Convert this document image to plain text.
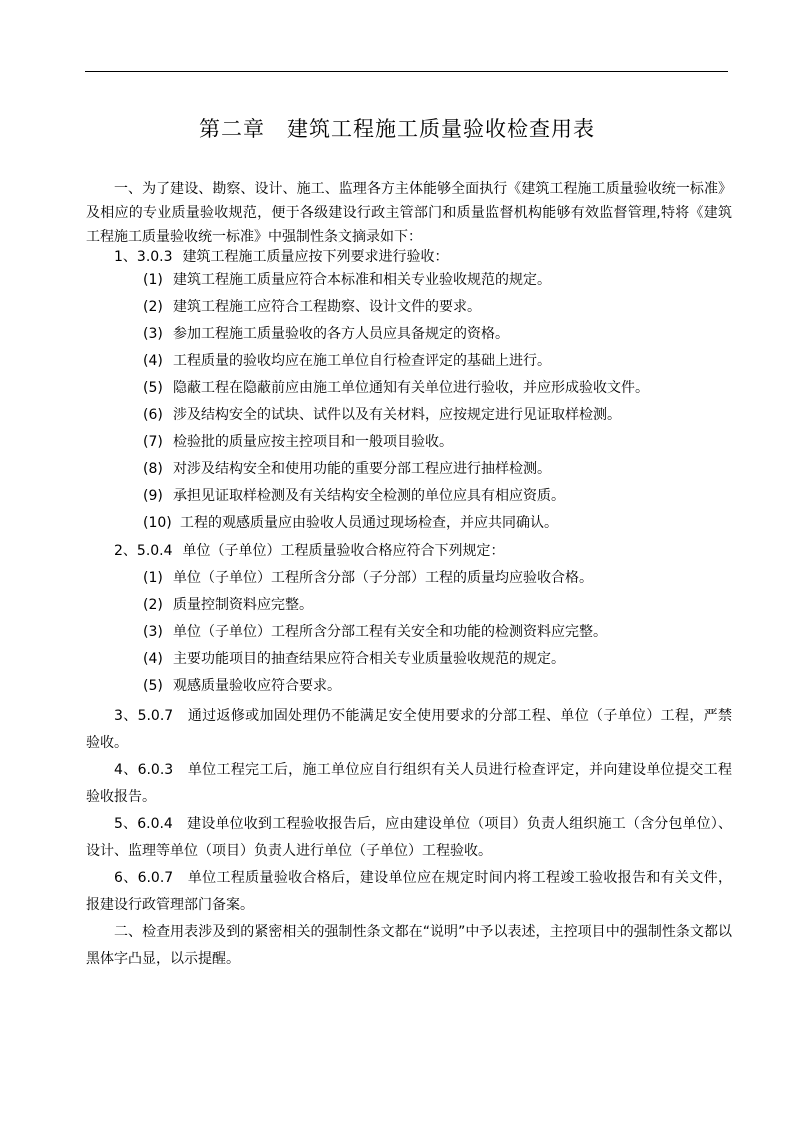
第二章　建筑工程施工质量验收检查用表
一、为了建设、勘察、设计、施工、监理各方主体能够全面执行《建筑工程施工质量验收统一标准》及相应的专业质量验收规范，便于各级建设行政主管部门和质量监督机构能够有效监督管理,特将《建筑工程施工质量验收统一标准》中强制性条文摘录如下：
1、3.0.3 建筑工程施工质量应按下列要求进行验收：
(1) 建筑工程施工质量应符合本标准和相关专业验收规范的规定。
(2) 建筑工程施工应符合工程勘察、设计文件的要求。
(3) 参加工程施工质量验收的各方人员应具备规定的资格。
(4) 工程质量的验收均应在施工单位自行检查评定的基础上进行。
(5) 隐蔽工程在隐蔽前应由施工单位通知有关单位进行验收，并应形成验收文件。
(6) 涉及结构安全的试块、试件以及有关材料，应按规定进行见证取样检测。
(7) 检验批的质量应按主控项目和一般项目验收。
(8) 对涉及结构安全和使用功能的重要分部工程应进行抽样检测。
(9) 承担见证取样检测及有关结构安全检测的单位应具有相应资质。
(10) 工程的观感质量应由验收人员通过现场检查，并应共同确认。
2、5.0.4 单位（子单位）工程质量验收合格应符合下列规定：
(1) 单位（子单位）工程所含分部（子分部）工程的质量均应验收合格。
(2) 质量控制资料应完整。
(3) 单位（子单位）工程所含分部工程有关安全和功能的检测资料应完整。
(4) 主要功能项目的抽查结果应符合相关专业质量验收规范的规定。
(5) 观感质量验收应符合要求。
3、5.0.7　通过返修或加固处理仍不能满足安全使用要求的分部工程、单位（子单位）工程，严禁验收。
4、6.0.3　单位工程完工后，施工单位应自行组织有关人员进行检查评定，并向建设单位提交工程验收报告。
5、6.0.4　建设单位收到工程验收报告后，应由建设单位（项目）负责人组织施工（含分包单位）、设计、监理等单位（项目）负责人进行单位（子单位）工程验收。
6、6.0.7　单位工程质量验收合格后，建设单位应在规定时间内将工程竣工验收报告和有关文件，报建设行政管理部门备案。
二、检查用表涉及到的紧密相关的强制性条文都在“说明”中予以表述，主控项目中的强制性条文都以黑体字凸显，以示提醒。
